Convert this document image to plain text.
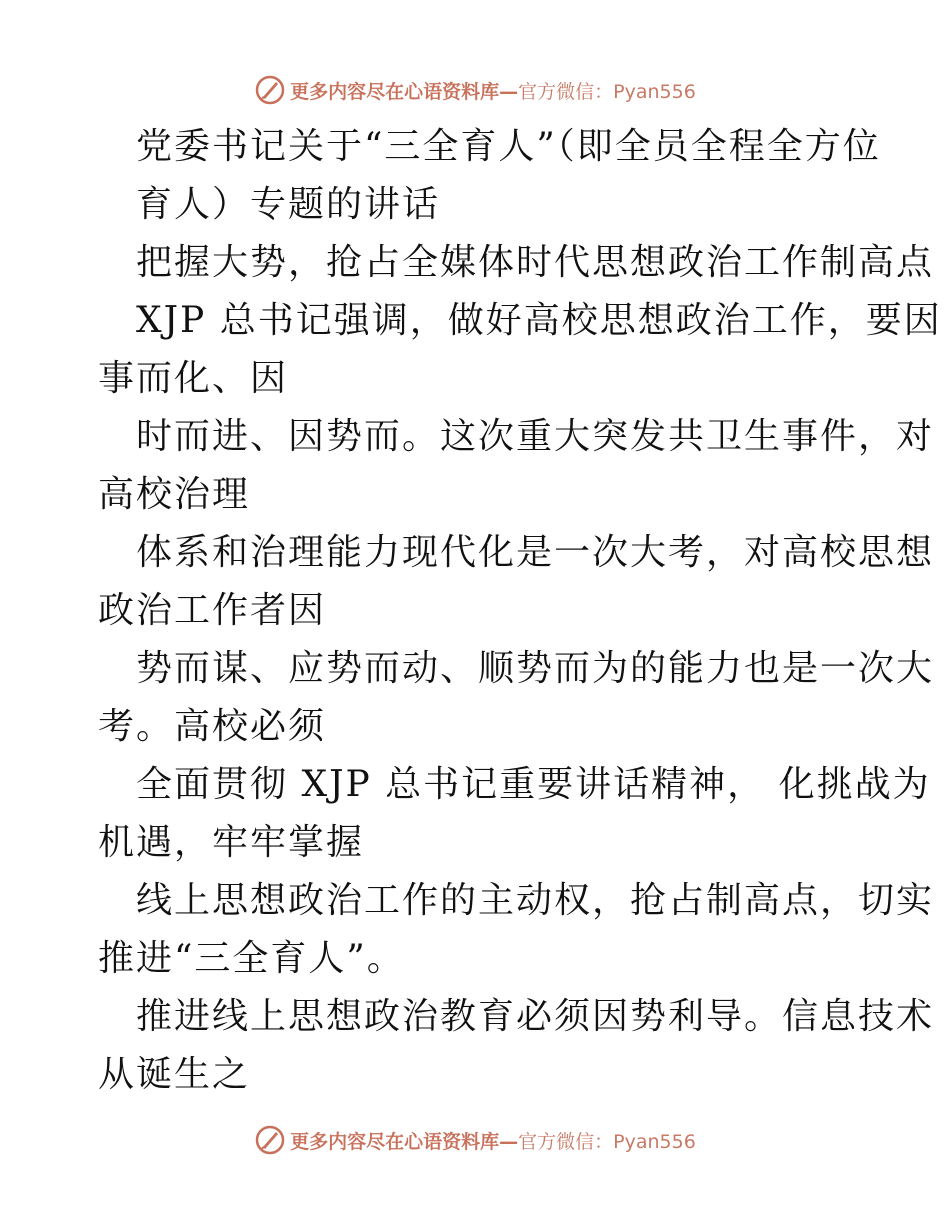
更多内容尽在心语资料库—官方微信：Pyan556
党委书记关于“三全育人”（即全员全程全方位
育人）专题的讲话
把握大势，抢占全媒体时代思想政治工作制高点
XJP 总书记强调，做好高校思想政治工作，要因
事而化、因
时而进、因势而。这次重大突发共卫生事件，对
高校治理
体系和治理能力现代化是一次大考，对高校思想
政治工作者因
势而谋、应势而动、顺势而为的能力也是一次大
考。高校必须
全面贯彻 XJP 总书记重要讲话精神， 化挑战为
机遇，牢牢掌握
线上思想政治工作的主动权，抢占制高点，切实
推进“三全育人”。
推进线上思想政治教育必须因势利导。信息技术
从诞生之
更多内容尽在心语资料库—官方微信：Pyan556
